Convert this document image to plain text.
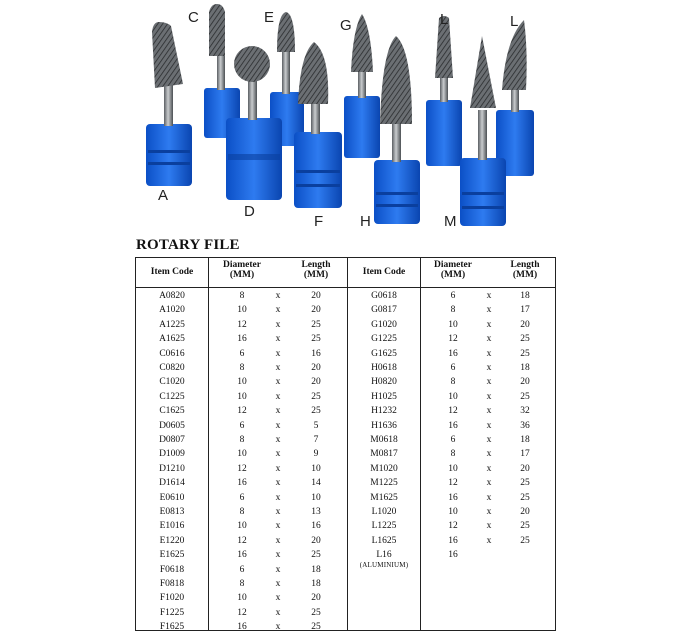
C	E	G	L	L
A
D
F H	M
ROTARY FILE
Item Code
Diameter
(MM)
Length
(MM)	Item Code
Diameter
(MM)
Length
(MM)
A0820	8	x	20
A1020	10	x	20
A1225	12	x	25
A1625	16	x	25
C0616	6	x	16
C0820	8	x	20
C1020	10	x	20
C1225	10	x	25
C1625	12	x	25
D0605	6	x	5
D0807	8	x	7
D1009	10	x	9
D1210	12	x	10
D1614	16	x	14
E0610	6	x	10
E0813	8	x	13
E1016	10	x	16
E1220	12	x	20
E1625	16	x	25
F0618	6	x	18
F0818	8	x	18
F1020	10	x	20
F1225	12	x	25
F1625	16	x	25
G0618	6	x	18
G0817	8	x	17
G1020	10	x	20
G1225	12	x	25
G1625	16	x	25
H0618	6	x	18
H0820	8	x	20
H1025	10	x	25
H1232	12	x	32
H1636	16	x	36
M0618	6	x	18
M0817	8	x	17
M1020	10	x	20
M1225	12	x	25
M1625	16	x	25
L1020	10	x	20
L1225	12	x	25
L1625	16	x	25
L16	16
(ALUMINIUM)
